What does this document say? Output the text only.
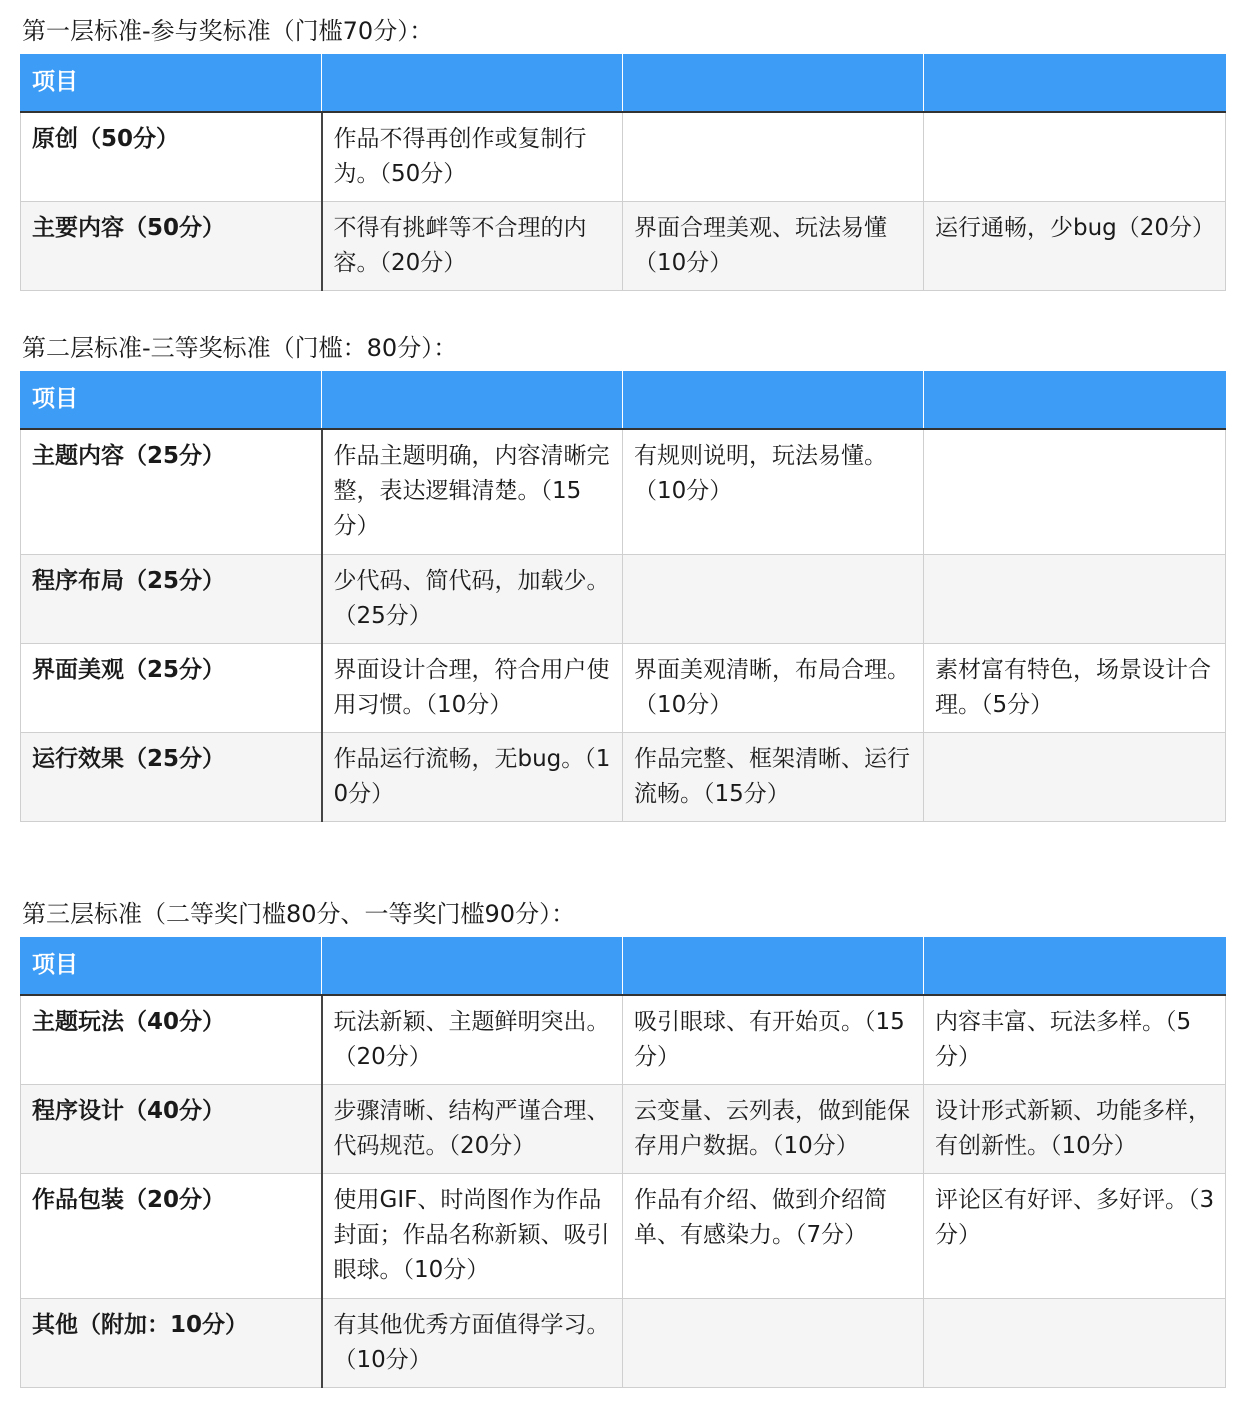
第一层标准-参与奖标准（门槛70分）：
项目			
原创（50分）	作品不得再创作或复制行为。（50分）		
主要内容（50分）	不得有挑衅等不合理的内容。（20分）	界面合理美观、玩法易懂（10分）	运行通畅，少bug（20分）
第二层标准-三等奖标准（门槛：80分）：
项目			
主题内容（25分）	作品主题明确，内容清晰完整，表达逻辑清楚。（15分）	有规则说明，玩法易懂。（10分）	
程序布局（25分）	少代码、简代码，加载少。（25分）		
界面美观（25分）	界面设计合理，符合用户使用习惯。（10分）	界面美观清晰，布局合理。（10分）	素材富有特色，场景设计合理。（5分）
运行效果（25分）	作品运行流畅，无bug。（10分）	作品完整、框架清晰、运行流畅。（15分）	
第三层标准（二等奖门槛80分、一等奖门槛90分）：
项目			
主题玩法（40分）	玩法新颖、主题鲜明突出。（20分）	吸引眼球、有开始页。（15分）	内容丰富、玩法多样。（5分）
程序设计（40分）	步骤清晰、结构严谨合理、代码规范。（20分）	云变量、云列表，做到能保存用户数据。（10分）	设计形式新颖、功能多样，有创新性。（10分）
作品包装（20分）	使用GIF、时尚图作为作品封面；作品名称新颖、吸引眼球。（10分）	作品有介绍、做到介绍简单、有感染力。（7分）	评论区有好评、多好评。（3分）
其他（附加：10分）	有其他优秀方面值得学习。（10分）		
